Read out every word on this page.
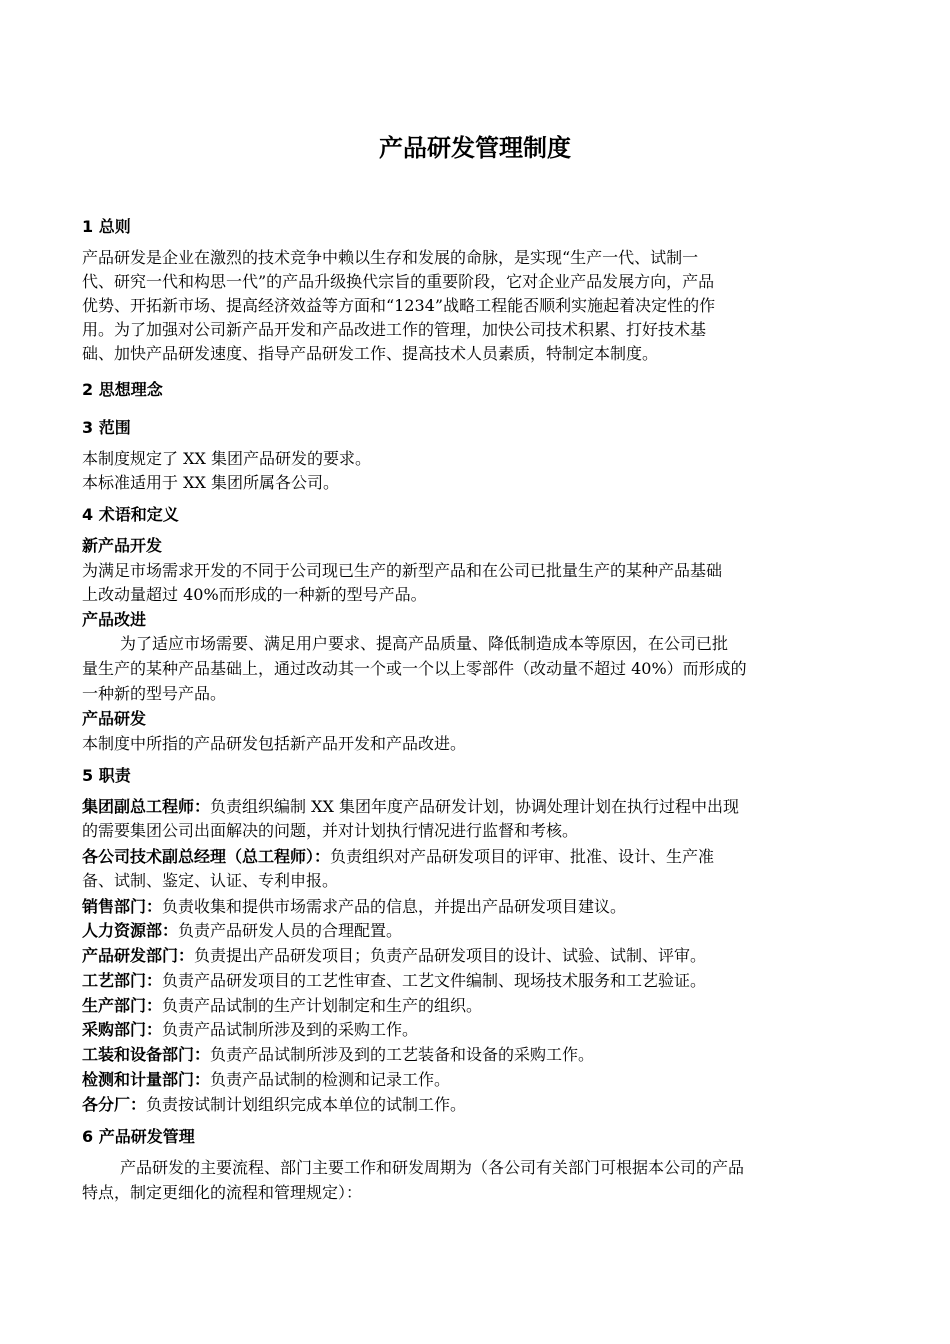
产品研发管理制度
1 总则
产品研发是企业在激烈的技术竞争中赖以生存和发展的命脉，是实现“生产一代、试制一
代、研究一代和构思一代”的产品升级换代宗旨的重要阶段，它对企业产品发展方向，产品
优势、开拓新市场、提高经济效益等方面和“1234”战略工程能否顺利实施起着决定性的作
用。为了加强对公司新产品开发和产品改进工作的管理，加快公司技术积累、打好技术基
础、加快产品研发速度、指导产品研发工作、提高技术人员素质，特制定本制度。
2 思想理念
3 范围
本制度规定了 XX 集团产品研发的要求。
本标准适用于 XX 集团所属各公司。
4 术语和定义
新产品开发
为满足市场需求开发的不同于公司现已生产的新型产品和在公司已批量生产的某种产品基础
上改动量超过 40%而形成的一种新的型号产品。
产品改进
为了适应市场需要、满足用户要求、提高产品质量、降低制造成本等原因，在公司已批
量生产的某种产品基础上，通过改动其一个或一个以上零部件（改动量不超过 40%）而形成的
一种新的型号产品。
产品研发
本制度中所指的产品研发包括新产品开发和产品改进。
5 职责
集团副总工程师：负责组织编制 XX 集团年度产品研发计划，协调处理计划在执行过程中出现
的需要集团公司出面解决的问题，并对计划执行情况进行监督和考核。
各公司技术副总经理（总工程师）：负责组织对产品研发项目的评审、批准、设计、生产准
备、试制、鉴定、认证、专利申报。
销售部门：负责收集和提供市场需求产品的信息，并提出产品研发项目建议。
人力资源部：负责产品研发人员的合理配置。
产品研发部门：负责提出产品研发项目；负责产品研发项目的设计、试验、试制、评审。
工艺部门：负责产品研发项目的工艺性审查、工艺文件编制、现场技术服务和工艺验证。
生产部门：负责产品试制的生产计划制定和生产的组织。
采购部门：负责产品试制所涉及到的采购工作。
工装和设备部门：负责产品试制所涉及到的工艺装备和设备的采购工作。
检测和计量部门：负责产品试制的检测和记录工作。
各分厂：负责按试制计划组织完成本单位的试制工作。
6 产品研发管理
产品研发的主要流程、部门主要工作和研发周期为（各公司有关部门可根据本公司的产品
特点，制定更细化的流程和管理规定）：
